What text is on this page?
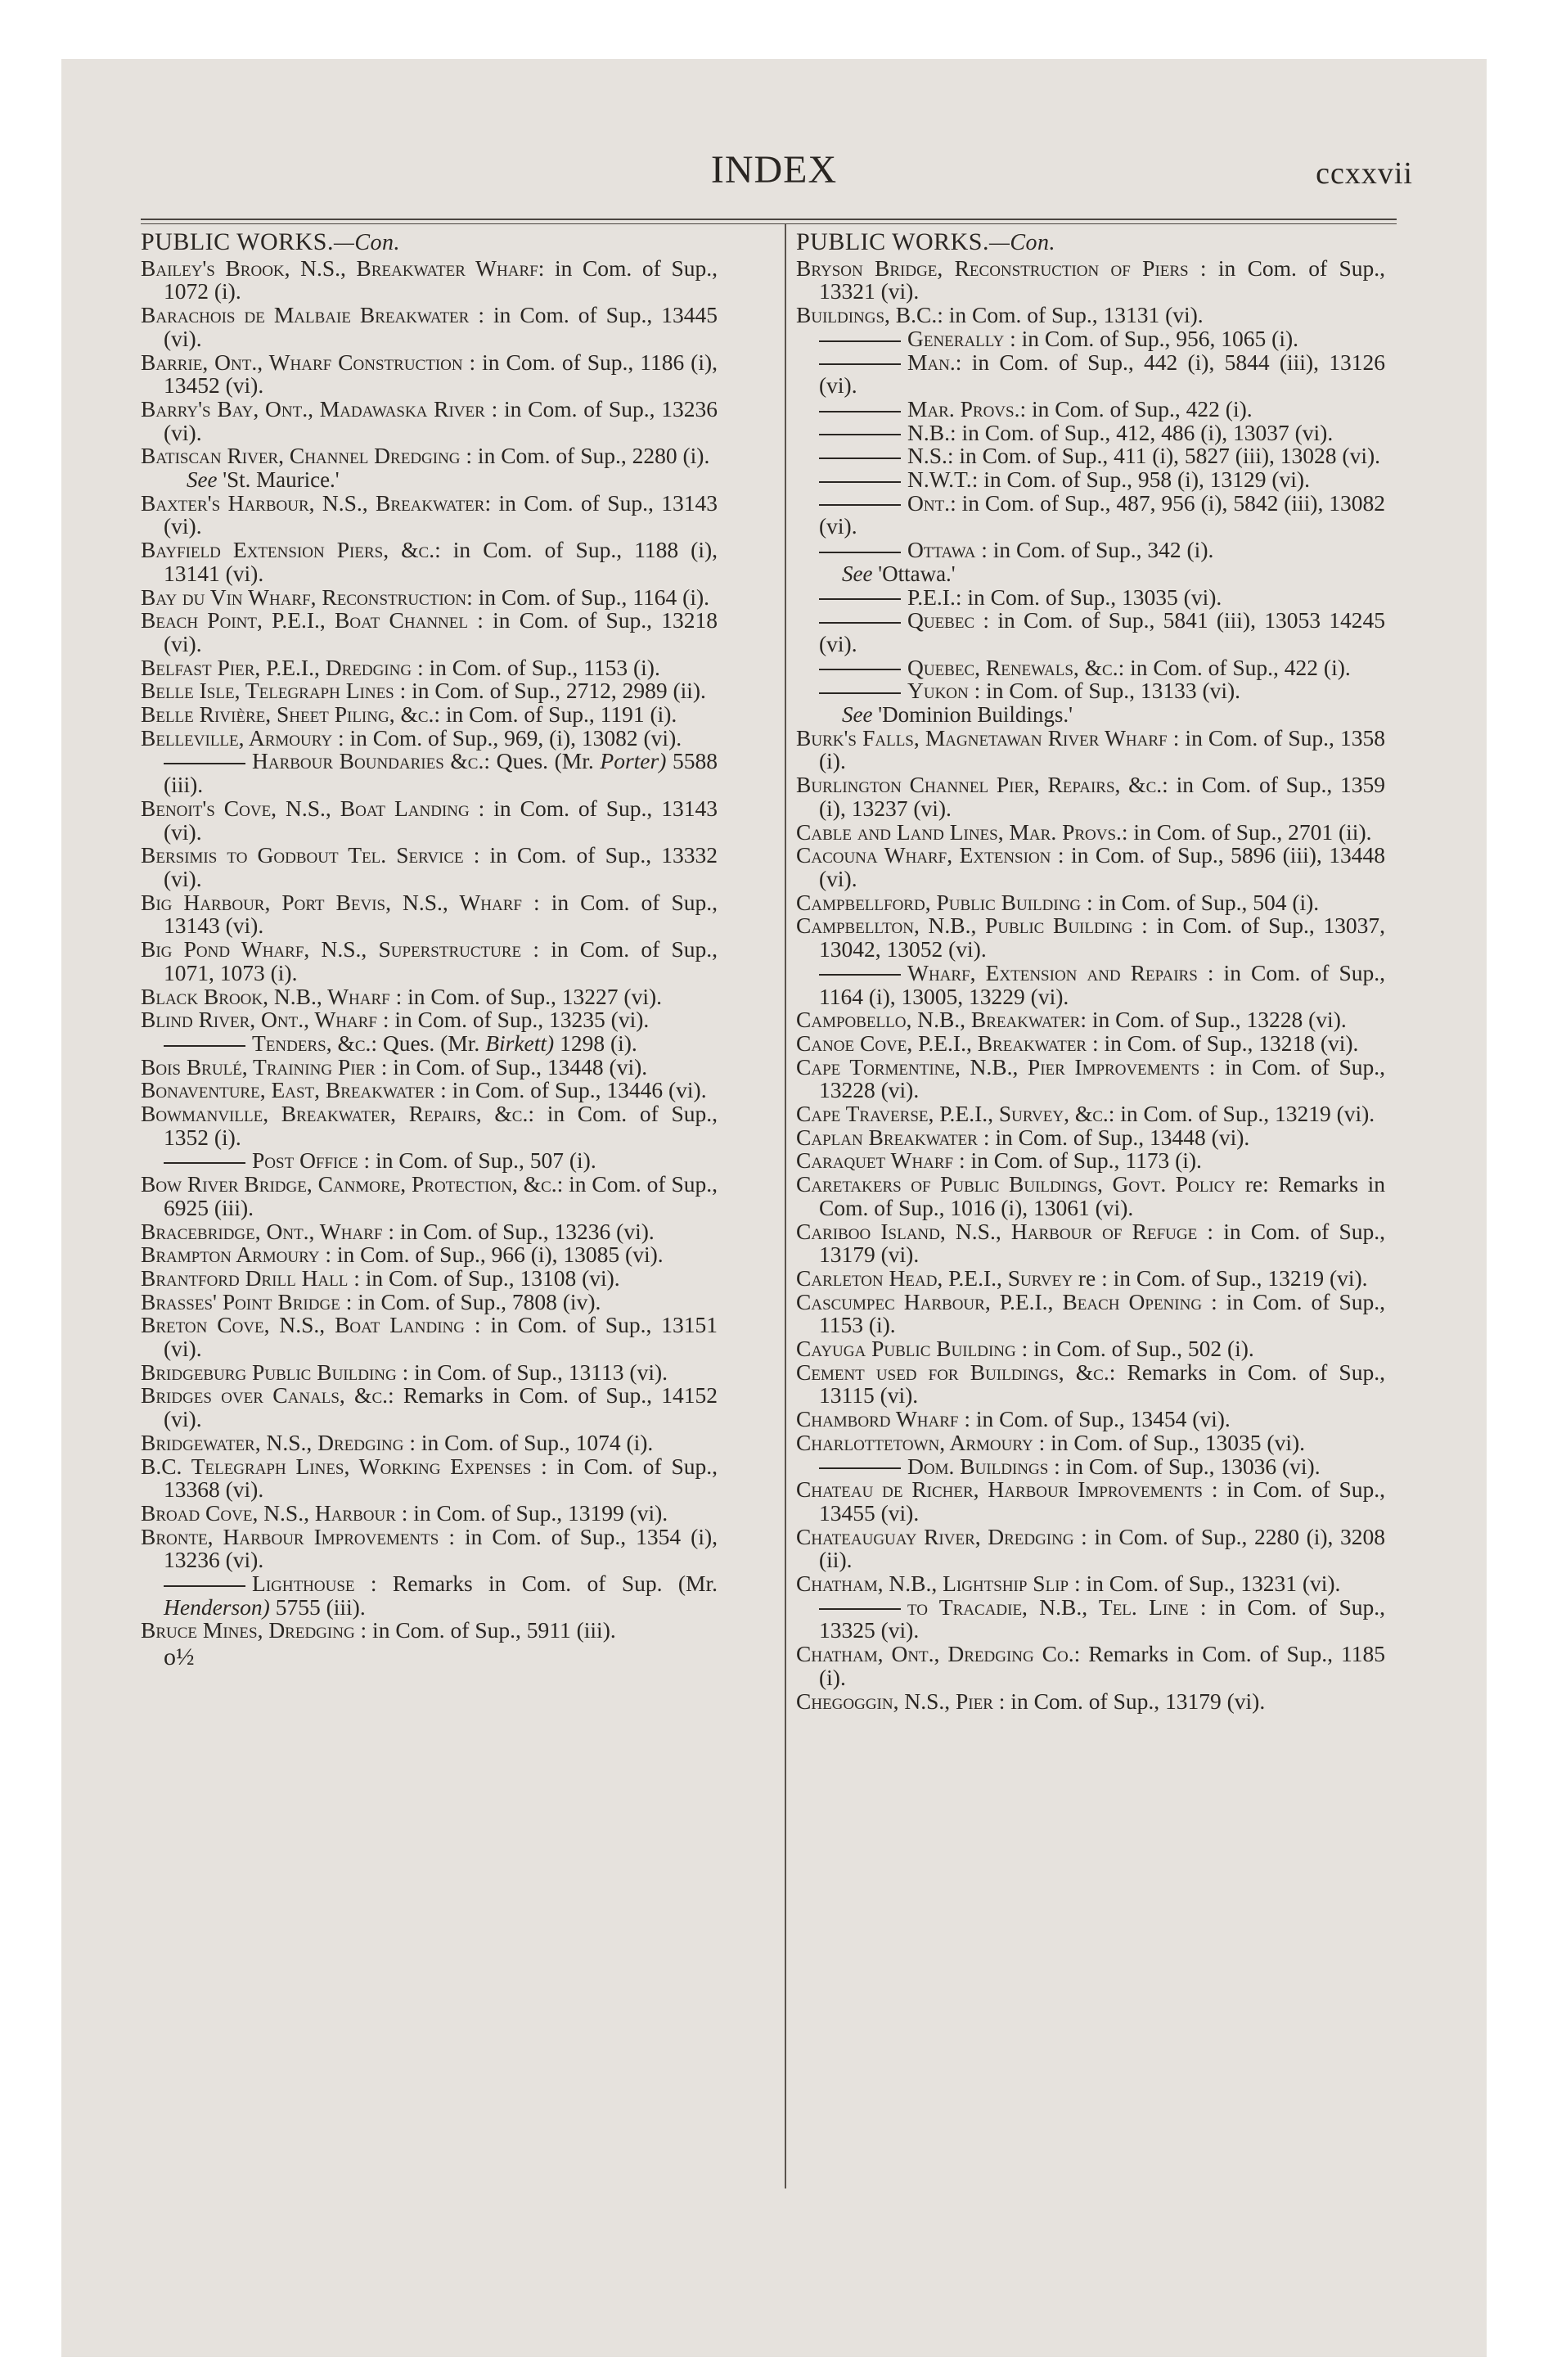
INDEX	ccxxvii
PUBLIC WORKS.—Con.
Bailey's Brook, N.S., Breakwater Wharf: in Com. of Sup., 1072 (i).
Barachois de Malbaie Breakwater : in Com. of Sup., 13445 (vi).
Barrie, Ont., Wharf Construction : in Com. of Sup., 1186 (i), 13452 (vi).
Barry's Bay, Ont., Madawaska River : in Com. of Sup., 13236 (vi).
Batiscan River, Channel Dredging : in Com. of Sup., 2280 (i).
See 'St. Maurice.'
Baxter's Harbour, N.S., Breakwater: in Com. of Sup., 13143 (vi).
Bayfield Extension Piers, &c.: in Com. of Sup., 1188 (i), 13141 (vi).
Bay du Vin Wharf, Reconstruction: in Com. of Sup., 1164 (i).
Beach Point, P.E.I., Boat Channel : in Com. of Sup., 13218 (vi).
Belfast Pier, P.E.I., Dredging : in Com. of Sup., 1153 (i).
Belle Isle, Telegraph Lines : in Com. of Sup., 2712, 2989 (ii).
Belle Rivière, Sheet Piling, &c.: in Com. of Sup., 1191 (i).
Belleville, Armoury : in Com. of Sup., 969, (i), 13082 (vi).
Harbour Boundaries &c.: Ques. (Mr. Porter) 5588 (iii).
Benoit's Cove, N.S., Boat Landing : in Com. of Sup., 13143 (vi).
Bersimis to Godbout Tel. Service : in Com. of Sup., 13332 (vi).
Big Harbour, Port Bevis, N.S., Wharf : in Com. of Sup., 13143 (vi).
Big Pond Wharf, N.S., Superstructure : in Com. of Sup., 1071, 1073 (i).
Black Brook, N.B., Wharf : in Com. of Sup., 13227 (vi).
Blind River, Ont., Wharf : in Com. of Sup., 13235 (vi).
Tenders, &c.: Ques. (Mr. Birkett) 1298 (i).
Bois Brulé, Training Pier : in Com. of Sup., 13448 (vi).
Bonaventure, East, Breakwater : in Com. of Sup., 13446 (vi).
Bowmanville, Breakwater, Repairs, &c.: in Com. of Sup., 1352 (i).
Post Office : in Com. of Sup., 507 (i).
Bow River Bridge, Canmore, Protection, &c.: in Com. of Sup., 6925 (iii).
Bracebridge, Ont., Wharf : in Com. of Sup., 13236 (vi).
Brampton Armoury : in Com. of Sup., 966 (i), 13085 (vi).
Brantford Drill Hall : in Com. of Sup., 13108 (vi).
Brasses' Point Bridge : in Com. of Sup., 7808 (iv).
Breton Cove, N.S., Boat Landing : in Com. of Sup., 13151 (vi).
Bridgeburg Public Building : in Com. of Sup., 13113 (vi).
Bridges over Canals, &c.: Remarks in Com. of Sup., 14152 (vi).
Bridgewater, N.S., Dredging : in Com. of Sup., 1074 (i).
B.C. Telegraph Lines, Working Expenses : in Com. of Sup., 13368 (vi).
Broad Cove, N.S., Harbour : in Com. of Sup., 13199 (vi).
Bronte, Harbour Improvements : in Com. of Sup., 1354 (i), 13236 (vi).
Lighthouse : Remarks in Com. of Sup. (Mr. Henderson) 5755 (iii).
Bruce Mines, Dredging : in Com. of Sup., 5911 (iii).
o½
PUBLIC WORKS.—Con.
Bryson Bridge, Reconstruction of Piers : in Com. of Sup., 13321 (vi).
Buildings, B.C.: in Com. of Sup., 13131 (vi).
Generally : in Com. of Sup., 956, 1065 (i).
Man.: in Com. of Sup., 442 (i), 5844 (iii), 13126 (vi).
Mar. Provs.: in Com. of Sup., 422 (i).
N.B.: in Com. of Sup., 412, 486 (i), 13037 (vi).
N.S.: in Com. of Sup., 411 (i), 5827 (iii), 13028 (vi).
N.W.T.: in Com. of Sup., 958 (i), 13129 (vi).
Ont.: in Com. of Sup., 487, 956 (i), 5842 (iii), 13082 (vi).
Ottawa : in Com. of Sup., 342 (i).
See 'Ottawa.'
P.E.I.: in Com. of Sup., 13035 (vi).
Quebec : in Com. of Sup., 5841 (iii), 13053 14245 (vi).
Quebec, Renewals, &c.: in Com. of Sup., 422 (i).
Yukon : in Com. of Sup., 13133 (vi).
See 'Dominion Buildings.'
Burk's Falls, Magnetawan River Wharf : in Com. of Sup., 1358 (i).
Burlington Channel Pier, Repairs, &c.: in Com. of Sup., 1359 (i), 13237 (vi).
Cable and Land Lines, Mar. Provs.: in Com. of Sup., 2701 (ii).
Cacouna Wharf, Extension : in Com. of Sup., 5896 (iii), 13448 (vi).
Campbellford, Public Building : in Com. of Sup., 504 (i).
Campbellton, N.B., Public Building : in Com. of Sup., 13037, 13042, 13052 (vi).
Wharf, Extension and Repairs : in Com. of Sup., 1164 (i), 13005, 13229 (vi).
Campobello, N.B., Breakwater: in Com. of Sup., 13228 (vi).
Canoe Cove, P.E.I., Breakwater : in Com. of Sup., 13218 (vi).
Cape Tormentine, N.B., Pier Improvements : in Com. of Sup., 13228 (vi).
Cape Traverse, P.E.I., Survey, &c.: in Com. of Sup., 13219 (vi).
Caplan Breakwater : in Com. of Sup., 13448 (vi).
Caraquet Wharf : in Com. of Sup., 1173 (i).
Caretakers of Public Buildings, Govt. Policy re: Remarks in Com. of Sup., 1016 (i), 13061 (vi).
Cariboo Island, N.S., Harbour of Refuge : in Com. of Sup., 13179 (vi).
Carleton Head, P.E.I., Survey re : in Com. of Sup., 13219 (vi).
Cascumpec Harbour, P.E.I., Beach Opening : in Com. of Sup., 1153 (i).
Cayuga Public Building : in Com. of Sup., 502 (i).
Cement used for Buildings, &c.: Remarks in Com. of Sup., 13115 (vi).
Chambord Wharf : in Com. of Sup., 13454 (vi).
Charlottetown, Armoury : in Com. of Sup., 13035 (vi).
Dom. Buildings : in Com. of Sup., 13036 (vi).
Chateau de Richer, Harbour Improvements : in Com. of Sup., 13455 (vi).
Chateauguay River, Dredging : in Com. of Sup., 2280 (i), 3208 (ii).
Chatham, N.B., Lightship Slip : in Com. of Sup., 13231 (vi).
to Tracadie, N.B., Tel. Line : in Com. of Sup., 13325 (vi).
Chatham, Ont., Dredging Co.: Remarks in Com. of Sup., 1185 (i).
Chegoggin, N.S., Pier : in Com. of Sup., 13179 (vi).
